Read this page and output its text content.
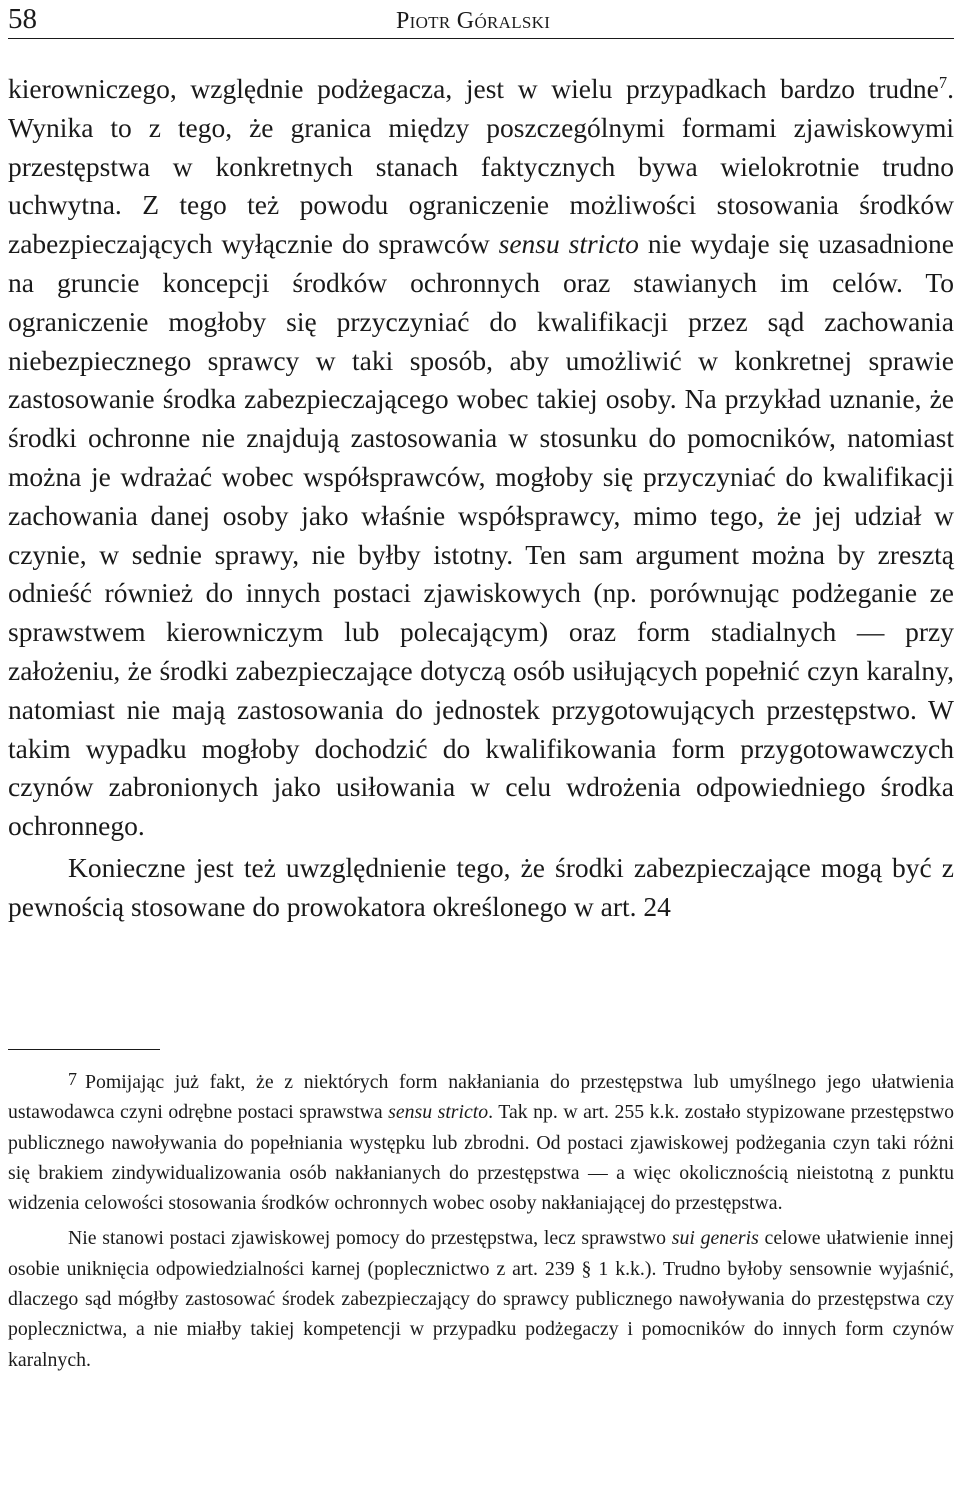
58	Piotr Góralski

kierowniczego, względnie podżegacza, jest w wielu przypadkach bardzo trudne$^7$. Wynika to z tego, że granica między poszczególnymi formami zjawiskowymi przestępstwa w konkretnych stanach faktycznych bywa wielokrotnie trudno uchwytna. Z tego też powodu ograniczenie możliwości stosowania środków zabezpieczających wyłącznie do sprawców sensu stricto nie wydaje się uzasadnione na gruncie koncepcji środków ochronnych oraz stawianych im celów. To ograniczenie mogłoby się przyczyniać do kwalifikacji przez sąd zachowania niebezpiecznego sprawcy w taki sposób, aby umożliwić w konkretnej sprawie zastosowanie środka zabezpieczającego wobec takiej osoby. Na przykład uznanie, że środki ochronne nie znajdują zastosowania w stosunku do pomocników, natomiast można je wdrażać wobec współsprawców, mogłoby się przyczyniać do kwalifikacji zachowania danej osoby jako właśnie współsprawcy, mimo tego, że jej udział w czynie, w sednie sprawy, nie byłby istotny. Ten sam argument można by zresztą odnieść również do innych postaci zjawiskowych (np. porównując podżeganie ze sprawstwem kierowniczym lub polecającym) oraz form stadialnych — przy założeniu, że środki zabezpieczające dotyczą osób usiłujących popełnić czyn karalny, natomiast nie mają zastosowania do jednostek przygotowujących przestępstwo. W takim wypadku mogłoby dochodzić do kwalifikowania form przygotowawczych czynów zabronionych jako usiłowania w celu wdrożenia odpowiedniego środka ochronnego.

Konieczne jest też uwzględnienie tego, że środki zabezpieczające mogą być z pewnością stosowane do prowokatora określonego w art. 24

7 Pomijając już fakt, że z niektórych form nakłaniania do przestępstwa lub umyślnego jego ułatwienia ustawodawca czyni odrębne postaci sprawstwa sensu stricto. Tak np. w art. 255 k.k. zostało stypizowane przestępstwo publicznego nawoływania do popełniania występku lub zbrodni. Od postaci zjawiskowej podżegania czyn taki różni się brakiem zindywidualizowania osób nakłanianych do przestępstwa — a więc okolicznością nieistotną z punktu widzenia celowości stosowania środków ochronnych wobec osoby nakłaniającej do przestępstwa.

Nie stanowi postaci zjawiskowej pomocy do przestępstwa, lecz sprawstwo sui generis celowe ułatwienie innej osobie uniknięcia odpowiedzialności karnej (poplecznictwo z art. 239 § 1 k.k.). Trudno byłoby sensownie wyjaśnić, dlaczego sąd mógłby zastosować środek zabezpieczający do sprawcy publicznego nawoływania do przestępstwa czy poplecznictwa, a nie miałby takiej kompetencji w przypadku podżegaczy i pomocników do innych form czynów karalnych.
